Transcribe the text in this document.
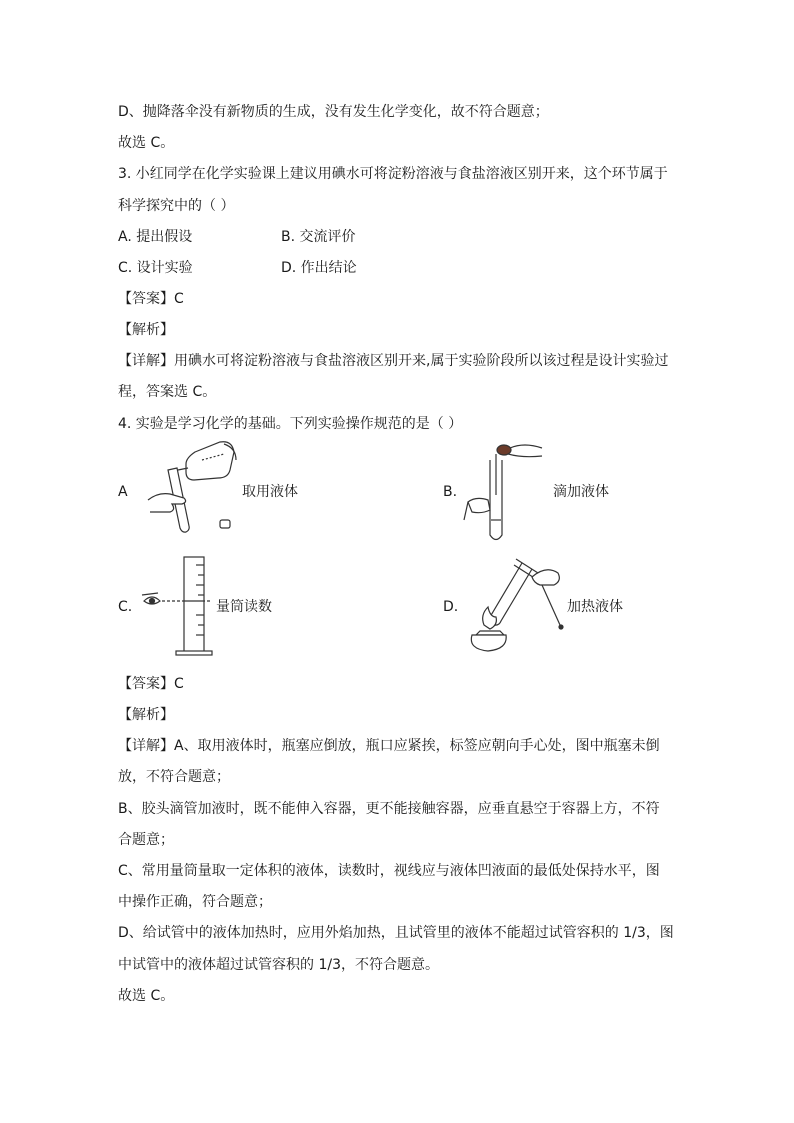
D、抛降落伞没有新物质的生成，没有发生化学变化，故不符合题意；
故选 C。
3. 小红同学在化学实验课上建议用碘水可将淀粉溶液与食盐溶液区别开来，这个环节属于
科学探究中的（ ）
A. 提出假设	B. 交流评价
C. 设计实验	D. 作出结论
【答案】C
【解析】
【详解】用碘水可将淀粉溶液与食盐溶液区别开来,属于实验阶段所以该过程是设计实验过
程，答案选 C。
4. 实验是学习化学的基础。下列实验操作规范的是（ ）
A	取用液体	B.	滴加液体
C.	量筒读数	D.	加热液体
【答案】C
【解析】
【详解】A、取用液体时，瓶塞应倒放，瓶口应紧挨，标签应朝向手心处，图中瓶塞未倒
放，不符合题意；
B、胶头滴管加液时，既不能伸入容器，更不能接触容器，应垂直悬空于容器上方，不符
合题意；
C、常用量筒量取一定体积的液体，读数时，视线应与液体凹液面的最低处保持水平，图
中操作正确，符合题意；
D、给试管中的液体加热时，应用外焰加热，且试管里的液体不能超过试管容积的 1/3，图
中试管中的液体超过试管容积的 1/3，不符合题意。
故选 C。
